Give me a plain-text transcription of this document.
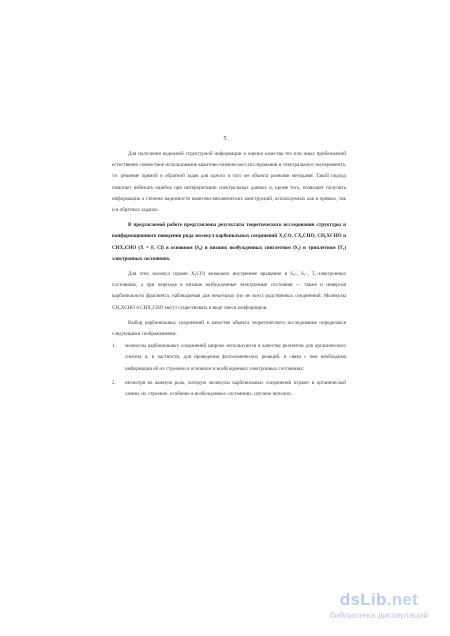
5

Для получения надежной структурной информации и оценки качества тех или иных приближений естественно совместное использование квантово-химического исследования и спектрального эксперимента, т.е. решение прямой и обратной задач для одного и того же объекта разными методами. Такой подход помогает избежать ошибок при интерпретации спектральных данных и, кроме того, позволяет получить информацию о степени надежности квантово-механических конструкций, используемых как в прямых, так и в обратных задачах.

В предлагаемой работе представлены результаты теоретического исследования структуры и конформационного поведения ряда молекул карбонильных соединений X₂CO, CX₃CHO, CH₂XCHO и CHX₂CHO (X = F, Cl) в основном (S₀) и низших возбужденных синглетном (S₁) и триплетном (T₁) электронных состояниях.

Для этих молекул (кроме X₂CO) возможно внутреннее вращение в S₀-, S₁-, T₁-электронных состояниях, а при переходе в низшие возбужденные электронные состояния — также и инверсия карбонильного фрагмента, наблюдаемая для некоторых (но не всех) родственных соединений. Молекулы CH₂XCHO и CHX₂CHO могут существовать в виде смеси конформеров.

Выбор карбонильных соединений в качестве объекта теоретического исследования определялся следующими соображениями:

1. молекулы карбонильных соединений широко используются в качестве реагентов для органического синтеза и, в частности, для проведения фотохимических реакций, в связи с чем необходима информация об их строении в основном и возбужденных электронных состояниях;
2. несмотря на важную роль, которую молекулы карбонильных соединений играют в органической химии, их строение, особенно в возбужденных состояниях, изучено неполно;
dsLib.net
библиотека диссертаций
